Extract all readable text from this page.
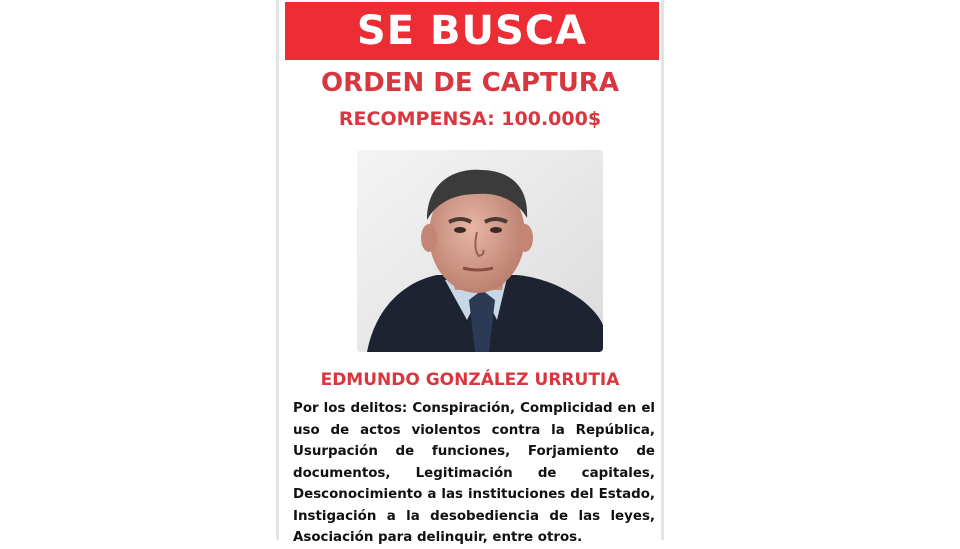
SE BUSCA
ORDEN DE CAPTURA
RECOMPENSA: 100.000$
EDMUNDO GONZÁLEZ URRUTIA
Por los delitos: Conspiración, Complicidad en el uso de actos violentos contra la República, Usurpación de funciones, Forjamiento de documentos, Legitimación de capitales, Desconocimiento a las instituciones del Estado, Instigación a la desobediencia de las leyes, Asociación para delinquir, entre otros.
